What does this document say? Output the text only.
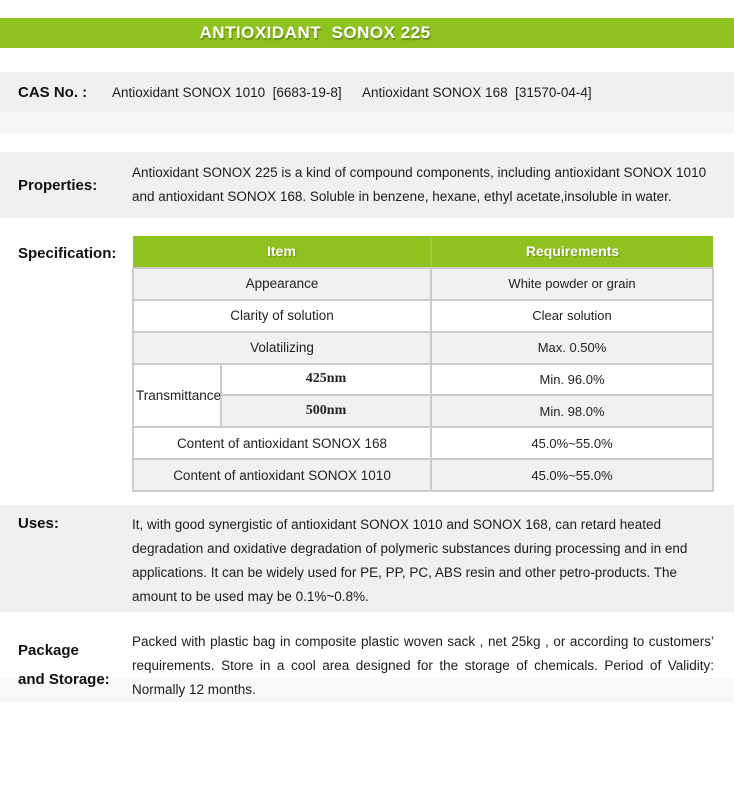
ANTIOXIDANT  SONOX 225
CAS No. :	Antioxidant SONOX 1010  [6683-19-8]	Antioxidant SONOX 168  [31570-04-4]
Properties:
Antioxidant SONOX 225 is a kind of compound components, including antioxidant SONOX 1010 and antioxidant SONOX 168. Soluble in benzene, hexane, ethyl acetate,insoluble in water.
Specification:	Item		Requirements
Appearance		White powder or grain
Clarity of solution		Clear solution
Volatilizing		Max. 0.50%
Transmittance	425nm	Min. 96.0%
	500nm	Min. 98.0%
Content of antioxidant SONOX 168		45.0%~55.0%
Content of antioxidant SONOX 1010		45.0%~55.0%
Uses:	It, with good synergistic of antioxidant SONOX 1010 and SONOX 168, can retard heated degradation and oxidative degradation of polymeric substances during processing and in end applications. It can be widely used for PE, PP, PC, ABS resin and other petro-products. The amount to be used may be 0.1%~0.8%.
Package
and Storage:
Packed with plastic bag in composite plastic woven sack , net 25kg , or according to customers’ requirements. Store in a cool area designed for the storage of chemicals. Period of Validity: Normally 12 months.
